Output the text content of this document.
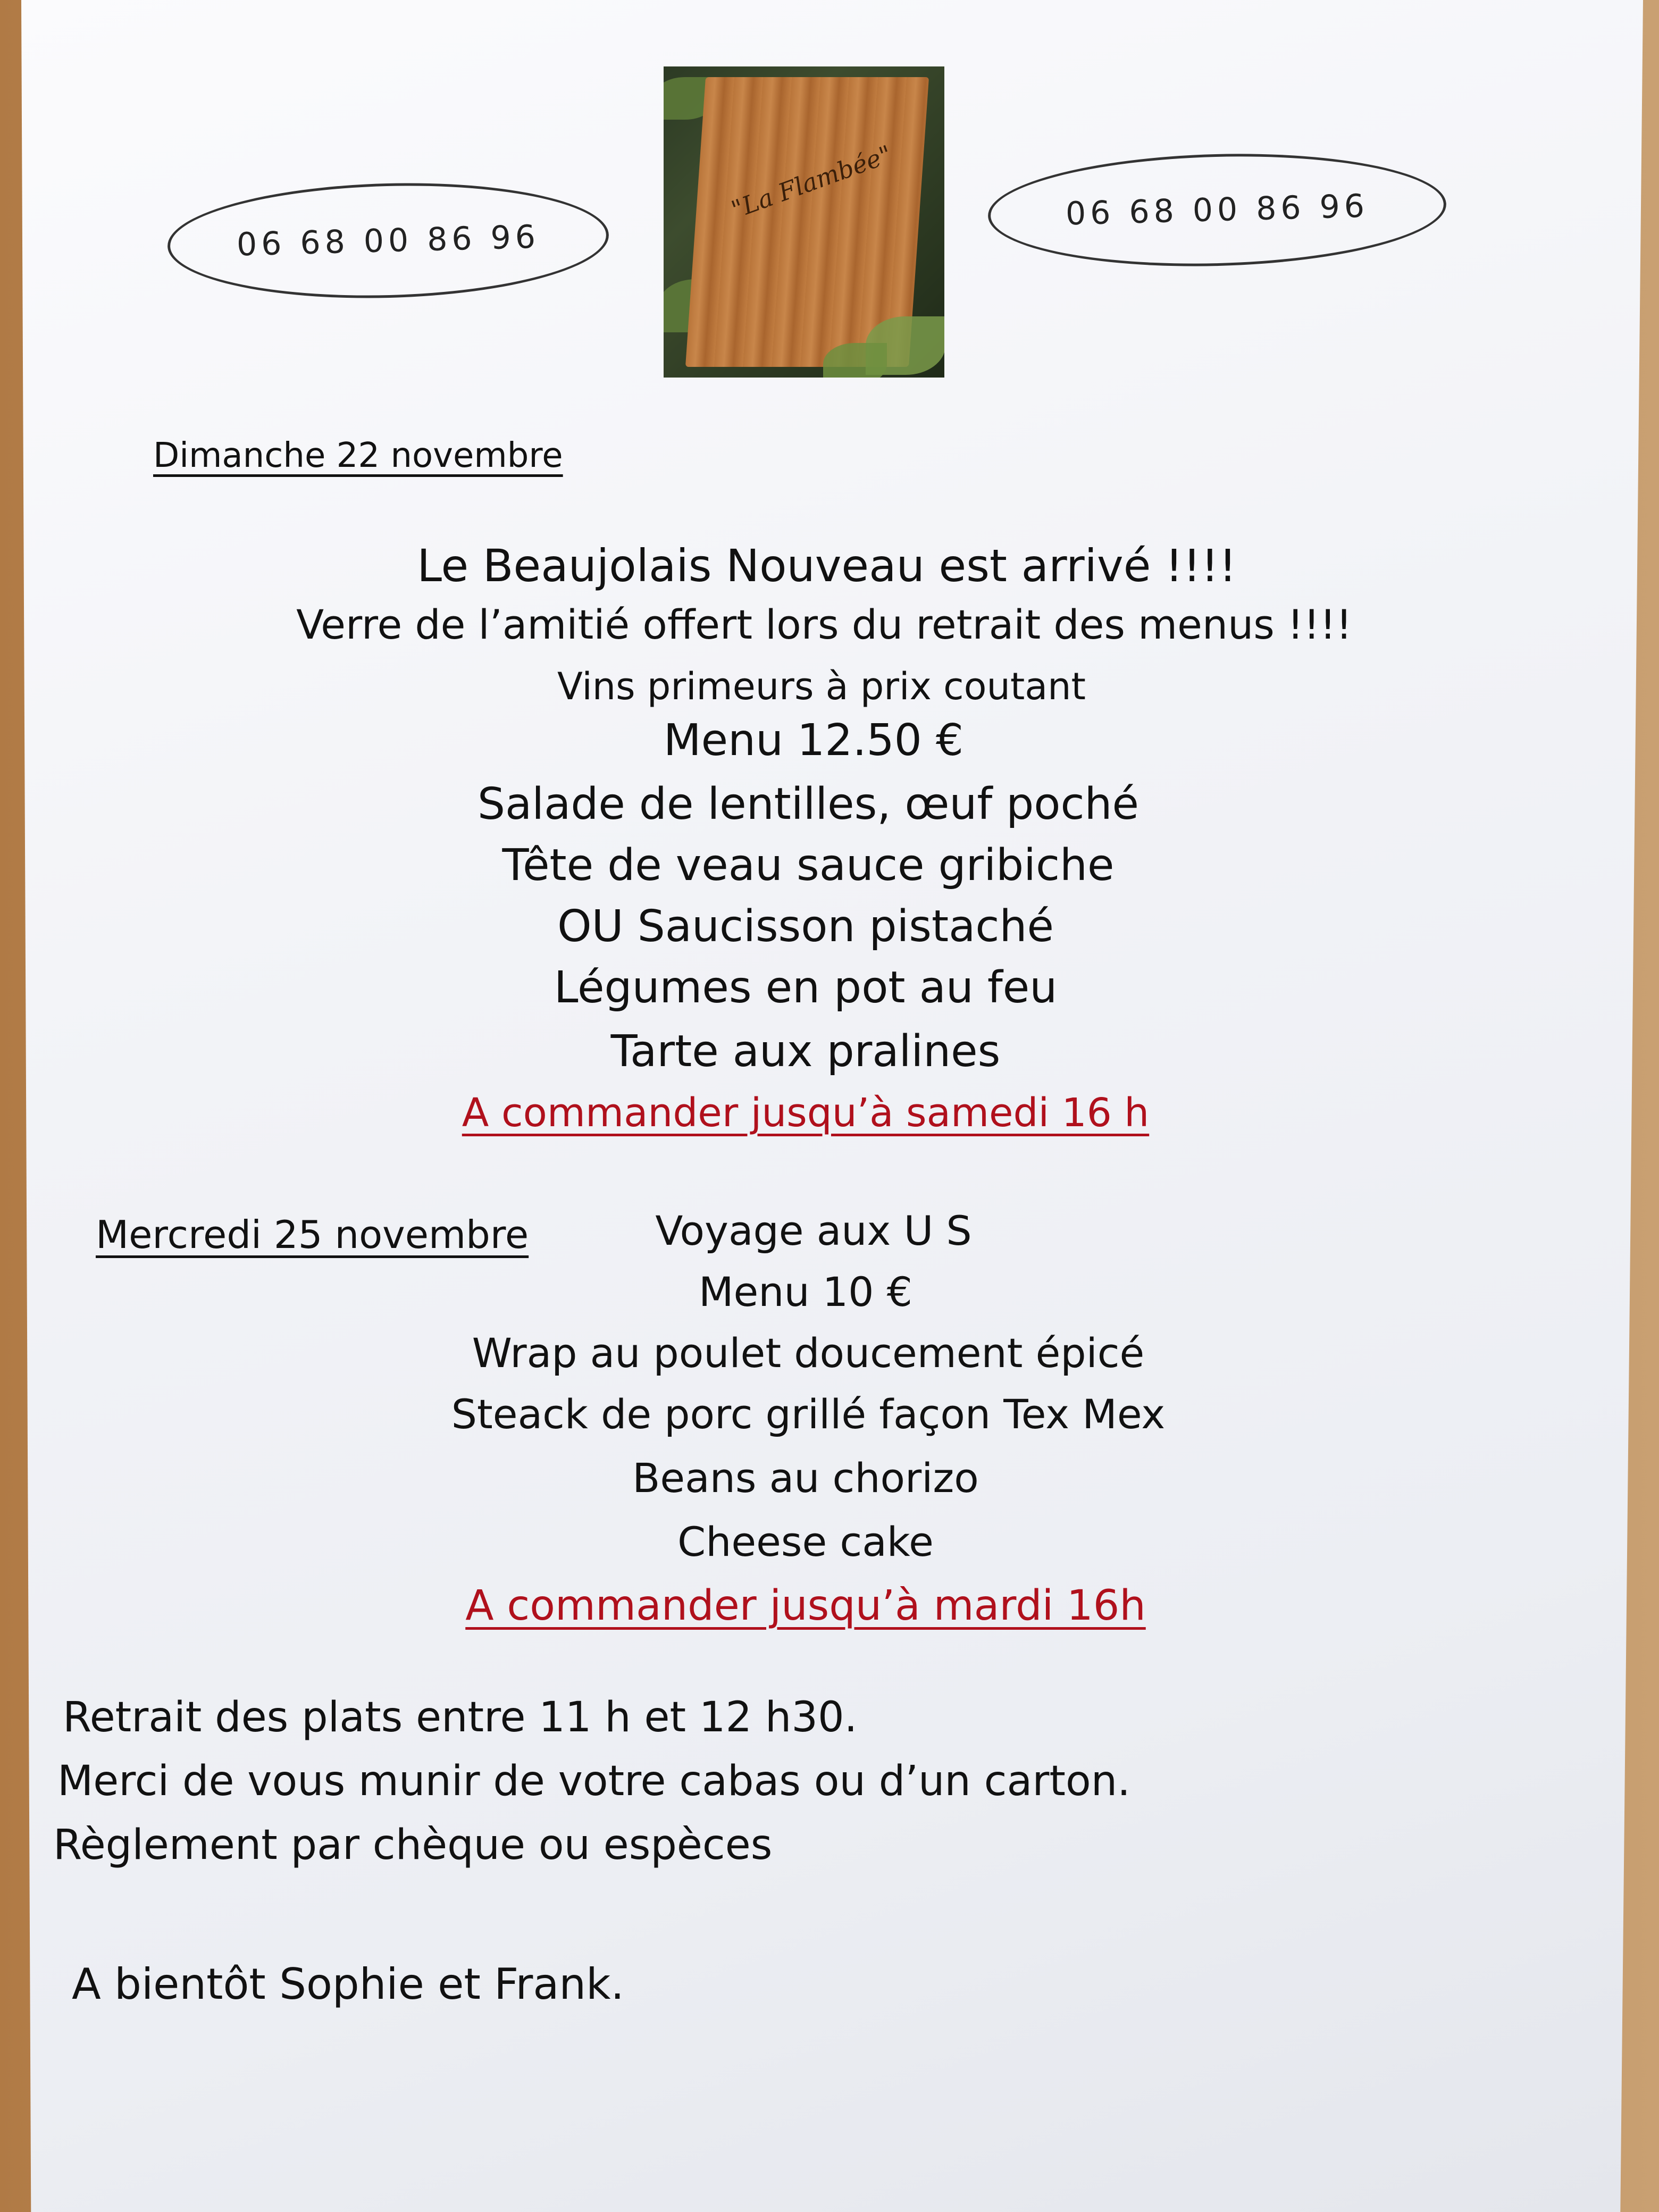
06 68 00 86 96
06 68 00 86 96
"La Flambée"
Dimanche 22 novembre
Le Beaujolais Nouveau est arrivé !!!!
Verre de l’amitié offert lors du retrait des menus !!!!
Vins primeurs à prix coutant
Menu 12.50 €
Salade de lentilles, œuf poché
Tête de veau sauce gribiche
OU Saucisson pistaché
Légumes en pot au feu
Tarte aux pralines
A commander jusqu’à samedi 16 h
Mercredi 25 novembre	Voyage aux U S
Menu 10 €
Wrap au poulet doucement épicé
Steack de porc grillé façon Tex Mex
Beans au chorizo
Cheese cake
A commander jusqu’à mardi 16h
Retrait des plats entre 11 h et 12 h30.
Merci de vous munir de votre cabas ou d’un carton.
Règlement par chèque ou espèces
A bientôt Sophie et Frank.
